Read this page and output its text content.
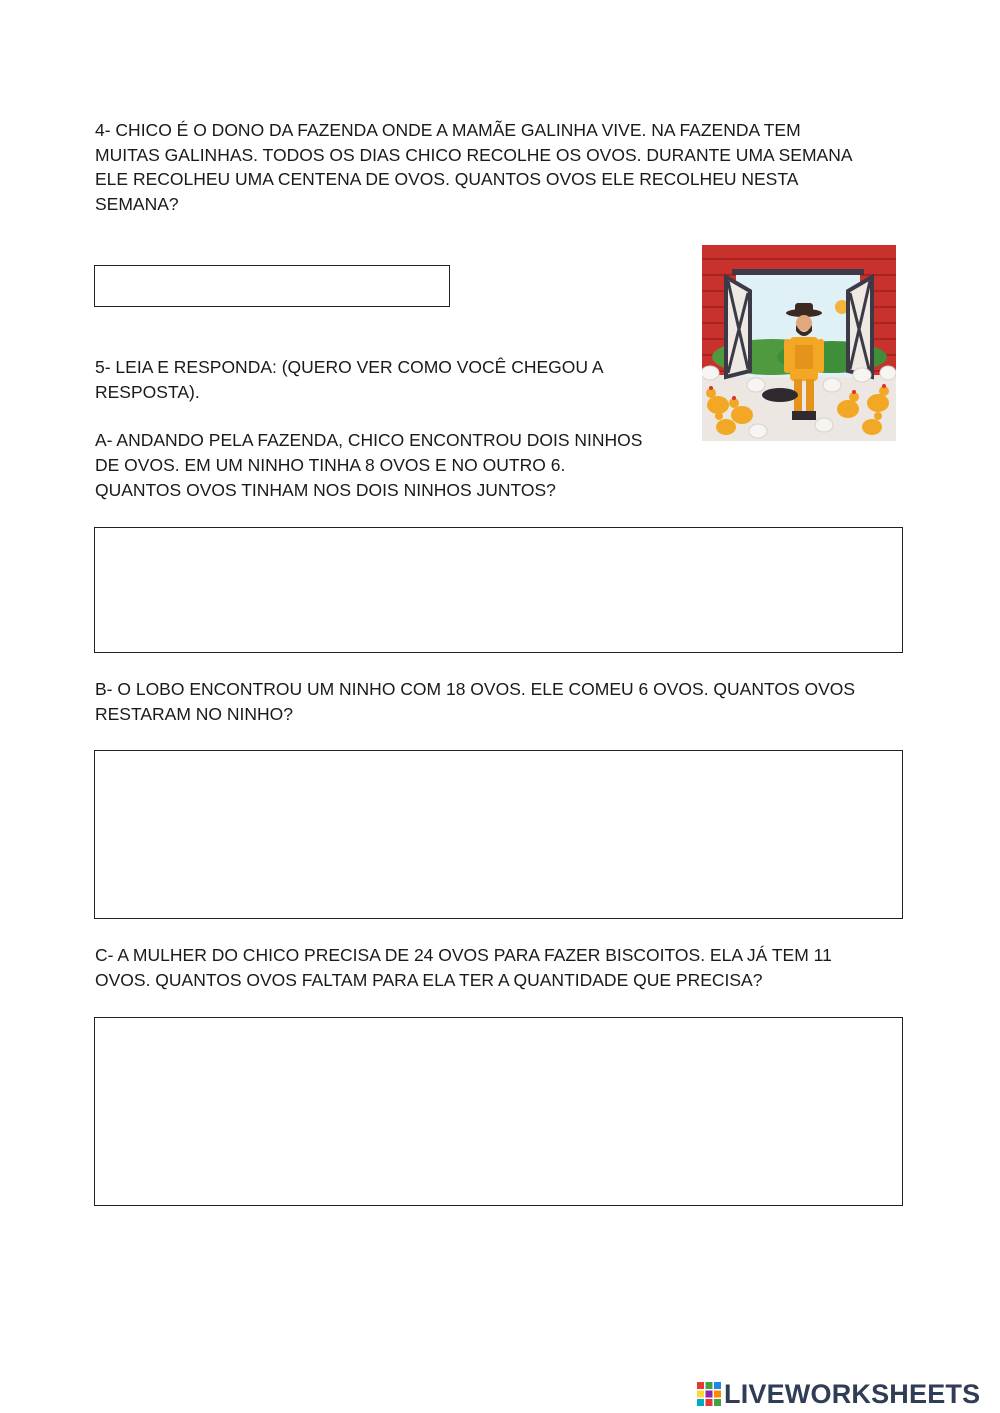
4- CHICO É O DONO DA FAZENDA ONDE A MAMÃE GALINHA VIVE. NA FAZENDA TEM

MUITAS GALINHAS. TODOS OS DIAS CHICO RECOLHE OS OVOS. DURANTE UMA SEMANA

ELE RECOLHEU UMA CENTENA DE OVOS. QUANTOS OVOS ELE RECOLHEU NESTA

SEMANA?

5- LEIA E RESPONDA: (QUERO VER COMO VOCÊ CHEGOU A

RESPOSTA).

A- ANDANDO PELA FAZENDA, CHICO ENCONTROU DOIS NINHOS

DE OVOS. EM UM NINHO TINHA 8 OVOS E NO OUTRO 6.

QUANTOS OVOS TINHAM NOS DOIS NINHOS JUNTOS?

B- O LOBO ENCONTROU UM NINHO COM 18 OVOS. ELE COMEU 6 OVOS. QUANTOS OVOS

RESTARAM NO NINHO?

C- A MULHER DO CHICO PRECISA DE 24 OVOS PARA FAZER BISCOITOS. ELA JÁ TEM 11

OVOS. QUANTOS OVOS FALTAM PARA ELA TER A QUANTIDADE QUE PRECISA?

LIVEWORKSHEETS
